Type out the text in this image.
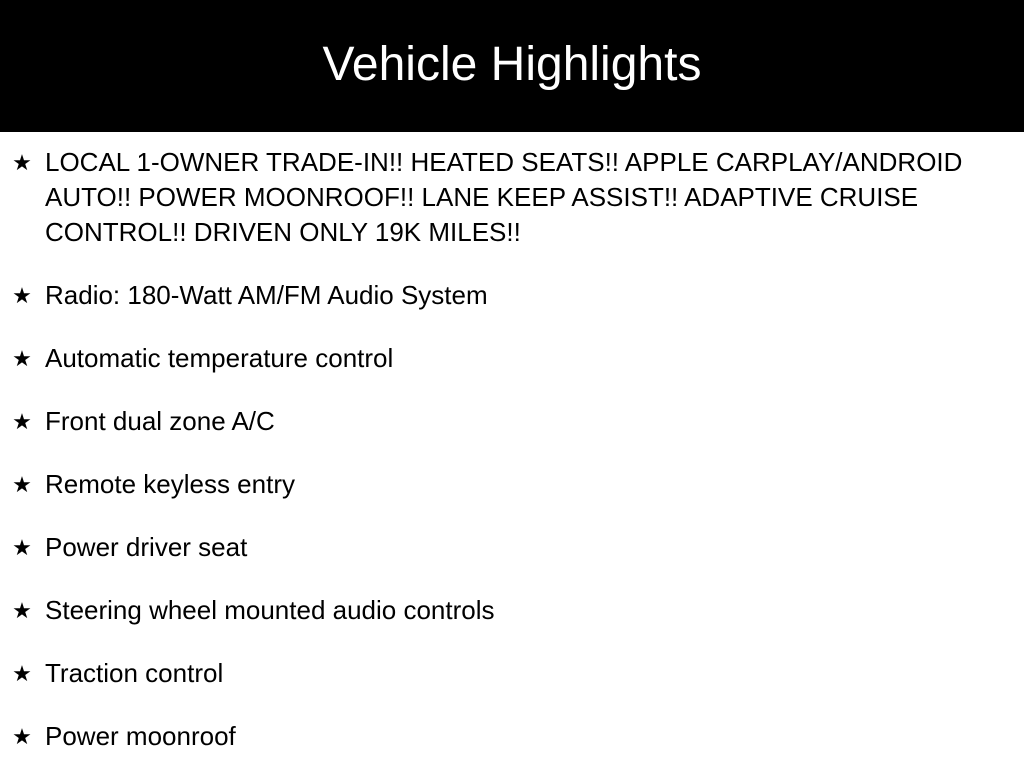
Vehicle Highlights
★ LOCAL 1-OWNER TRADE-IN!! HEATED SEATS!! APPLE CARPLAY/ANDROID AUTO!! POWER MOONROOF!! LANE KEEP ASSIST!! ADAPTIVE CRUISE CONTROL!! DRIVEN ONLY 19K MILES!!
★ Radio: 180-Watt AM/FM Audio System
★ Automatic temperature control
★ Front dual zone A/C
★ Remote keyless entry
★ Power driver seat
★ Steering wheel mounted audio controls
★ Traction control
★ Power moonroof
